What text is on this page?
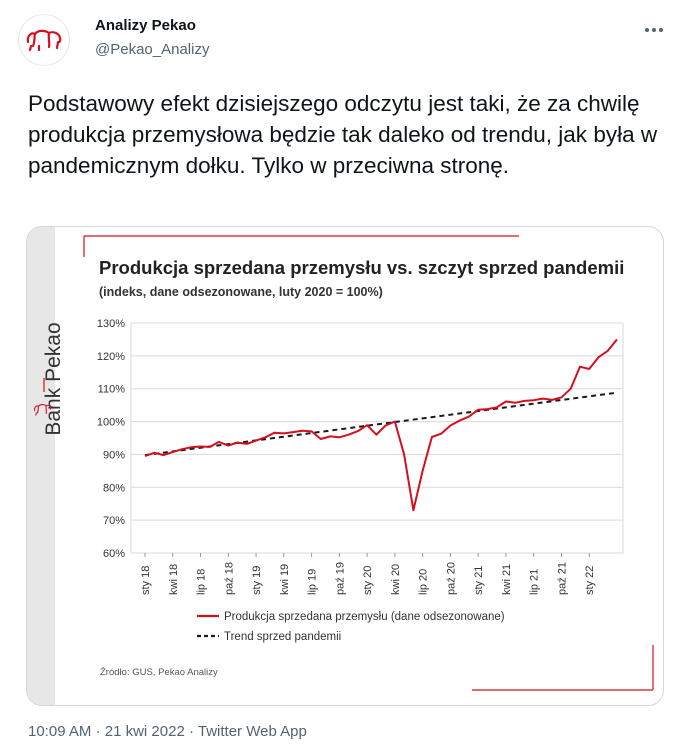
Analizy Pekao
@Pekao_Analizy
Podstawowy efekt dzisiejszego odczytu jest taki, że za chwilę produkcja przemysłowa będzie tak daleko od trendu, jak była w pandemicznym dołku. Tylko w przeciwna stronę.
Bank Pekao
Produkcja sprzedana przemysłu vs. szczyt sprzed pandemii
(indeks, dane odsezonowane, luty 2020 = 100%)
60%
70%
80%
90%
100%
110%
120%
130%
sty 18 kwi 18 lip 18 paź 18 sty 19 kwi 19 lip 19 paź 19 sty 20 kwi 20 lip 20 paź 20 sty 21 kwi 21 lip 21 paź 21 sty 22
Produkcja sprzedana przemysłu (dane odsezonowane)
Trend sprzed pandemii
Źródło: GUS, Pekao Analizy
10:09 AM · 21 kwi 2022 · Twitter Web App
